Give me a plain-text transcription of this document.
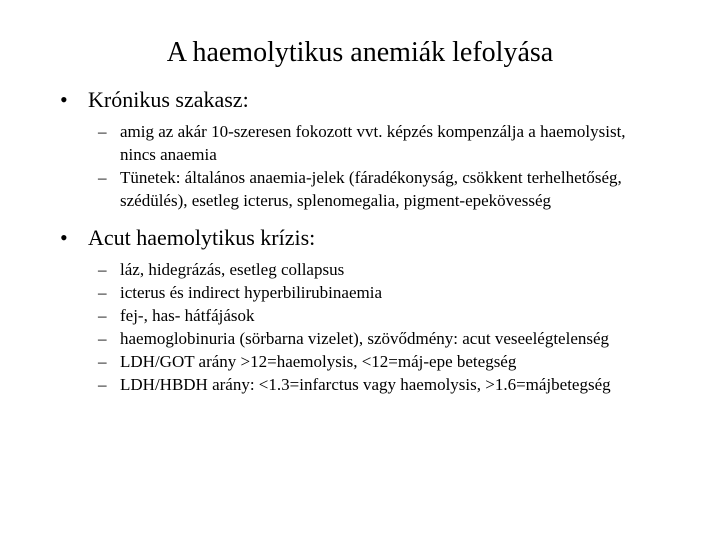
A haemolytikus anemiák lefolyása
• Krónikus szakasz:
– amig az akár 10-szeresen fokozott vvt. képzés kompenzálja a haemolysist, nincs anaemia
– Tünetek: általános anaemia-jelek (fáradékonyság, csökkent terhelhetőség, szédülés), esetleg icterus, splenomegalia, pigment-epekövesség
• Acut haemolytikus krízis:
– láz, hidegrázás, esetleg collapsus
– icterus és indirect hyperbilirubinaemia
– fej-, has- hátfájások
– haemoglobinuria (sörbarna vizelet), szövődmény: acut veseelégtelenség
– LDH/GOT arány >12=haemolysis, <12=máj-epe betegség
– LDH/HBDH arány: <1.3=infarctus vagy haemolysis, >1.6=májbetegség
